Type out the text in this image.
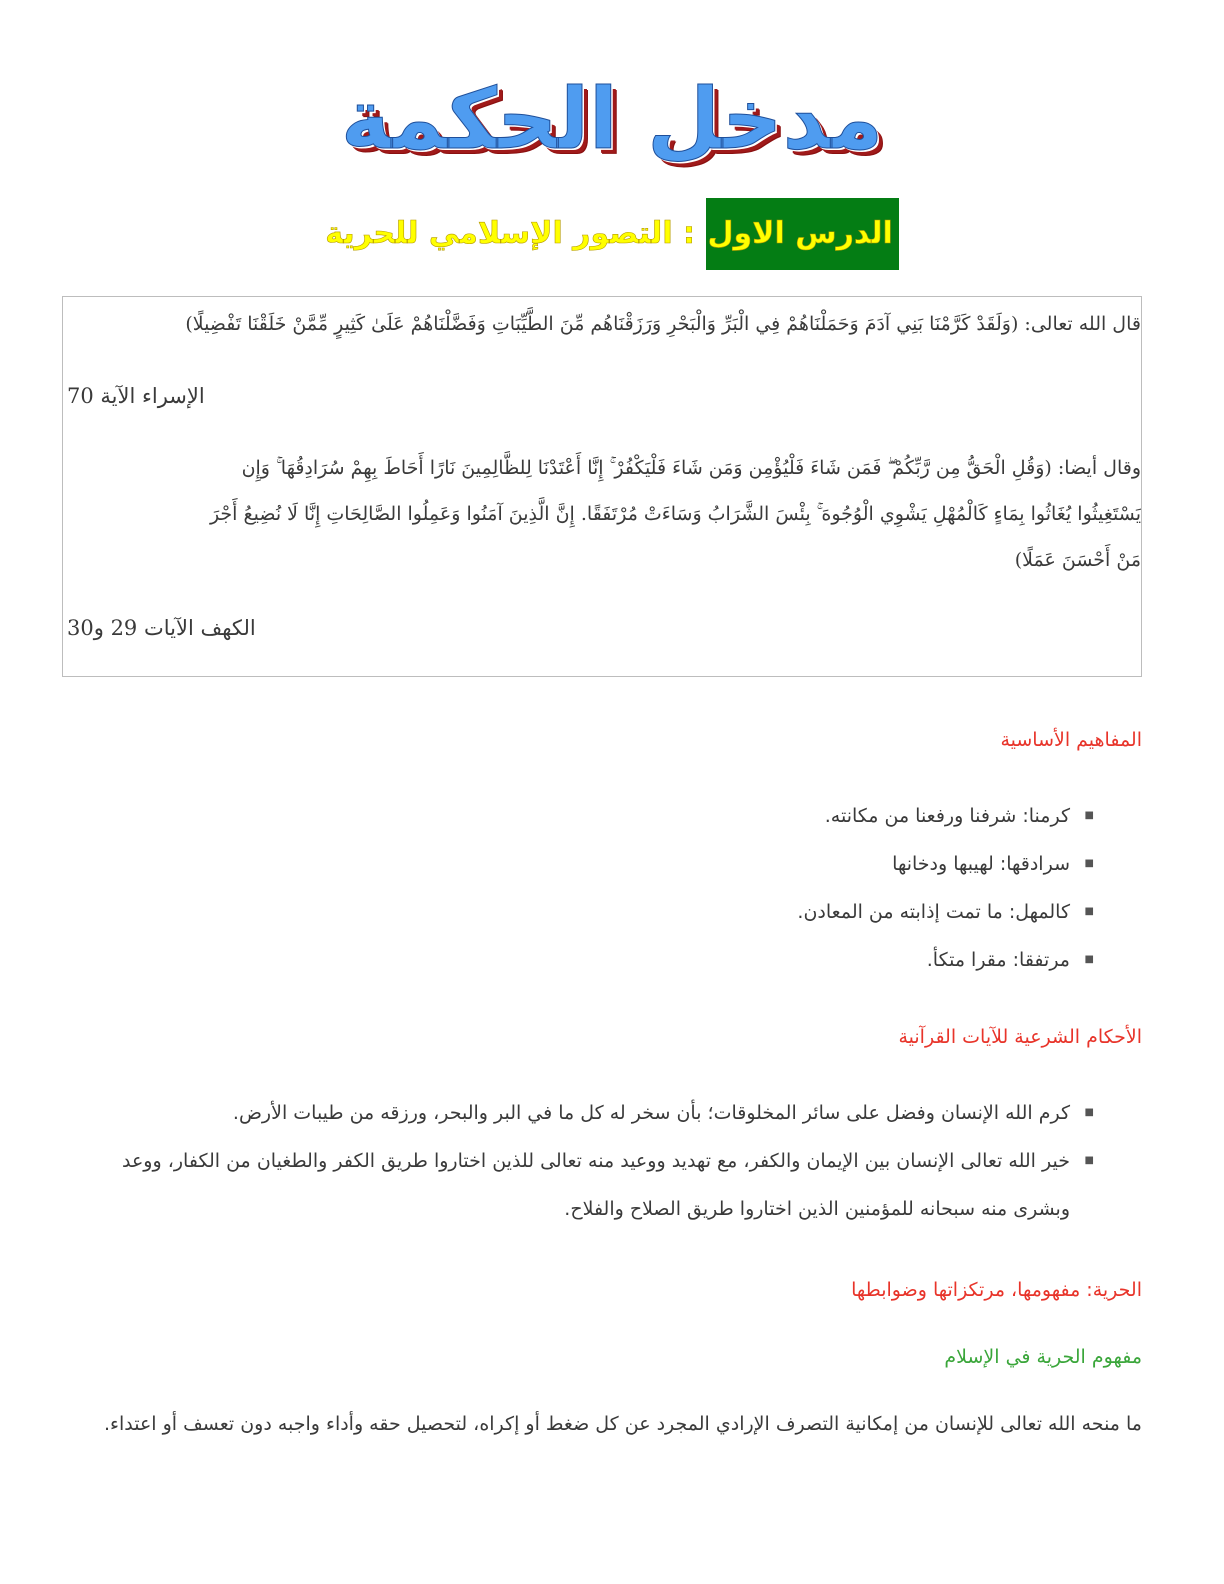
مدخل الحكمة
الدرس الاول : التصور الإسلامي للحرية
قال الله تعالى: (وَلَقَدْ كَرَّمْنَا بَنِي آدَمَ وَحَمَلْنَاهُمْ فِي الْبَرِّ وَالْبَحْرِ وَرَزَقْنَاهُم مِّنَ الطَّيِّبَاتِ وَفَضَّلْنَاهُمْ عَلَىٰ كَثِيرٍ مِّمَّنْ خَلَقْنَا تَفْضِيلًا)
الإسراء الآية 70
وقال أيضا: (وَقُلِ الْحَقُّ مِن رَّبِّكُمْ ۖ فَمَن شَاءَ فَلْيُؤْمِن وَمَن شَاءَ فَلْيَكْفُرْ ۚ إِنَّا أَعْتَدْنَا لِلظَّالِمِينَ نَارًا أَحَاطَ بِهِمْ سُرَادِقُهَا ۚ وَإِن
يَسْتَغِيثُوا يُغَاثُوا بِمَاءٍ كَالْمُهْلِ يَشْوِي الْوُجُوهَ ۚ بِئْسَ الشَّرَابُ وَسَاءَتْ مُرْتَفَقًا. إِنَّ الَّذِينَ آمَنُوا وَعَمِلُوا الصَّالِحَاتِ إِنَّا لَا نُضِيعُ أَجْرَ
مَنْ أَحْسَنَ عَمَلًا)
الكهف الآيات 29 و30
المفاهيم الأساسية
■
كرمنا: شرفنا ورفعنا من مكانته.
■
سرادقها: لهيبها ودخانها
■
كالمهل: ما تمت إذابته من المعادن.
■
مرتفقا: مقرا متكأ.
الأحكام الشرعية للآيات القرآنية
■
كرم الله الإنسان وفضل على سائر المخلوقات؛ بأن سخر له كل ما في البر والبحر، ورزقه من طيبات الأرض.
■
خير الله تعالى الإنسان بين الإيمان والكفر، مع تهديد ووعيد منه تعالى للذين اختاروا طريق الكفر والطغيان من الكفار، ووعد وبشرى منه سبحانه للمؤمنين الذين اختاروا طريق الصلاح والفلاح.
الحرية: مفهومها، مرتكزاتها وضوابطها
مفهوم الحرية في الإسلام
ما منحه الله تعالى للإنسان من إمكانية التصرف الإرادي المجرد عن كل ضغط أو إكراه، لتحصيل حقه وأداء واجبه دون تعسف أو اعتداء.
